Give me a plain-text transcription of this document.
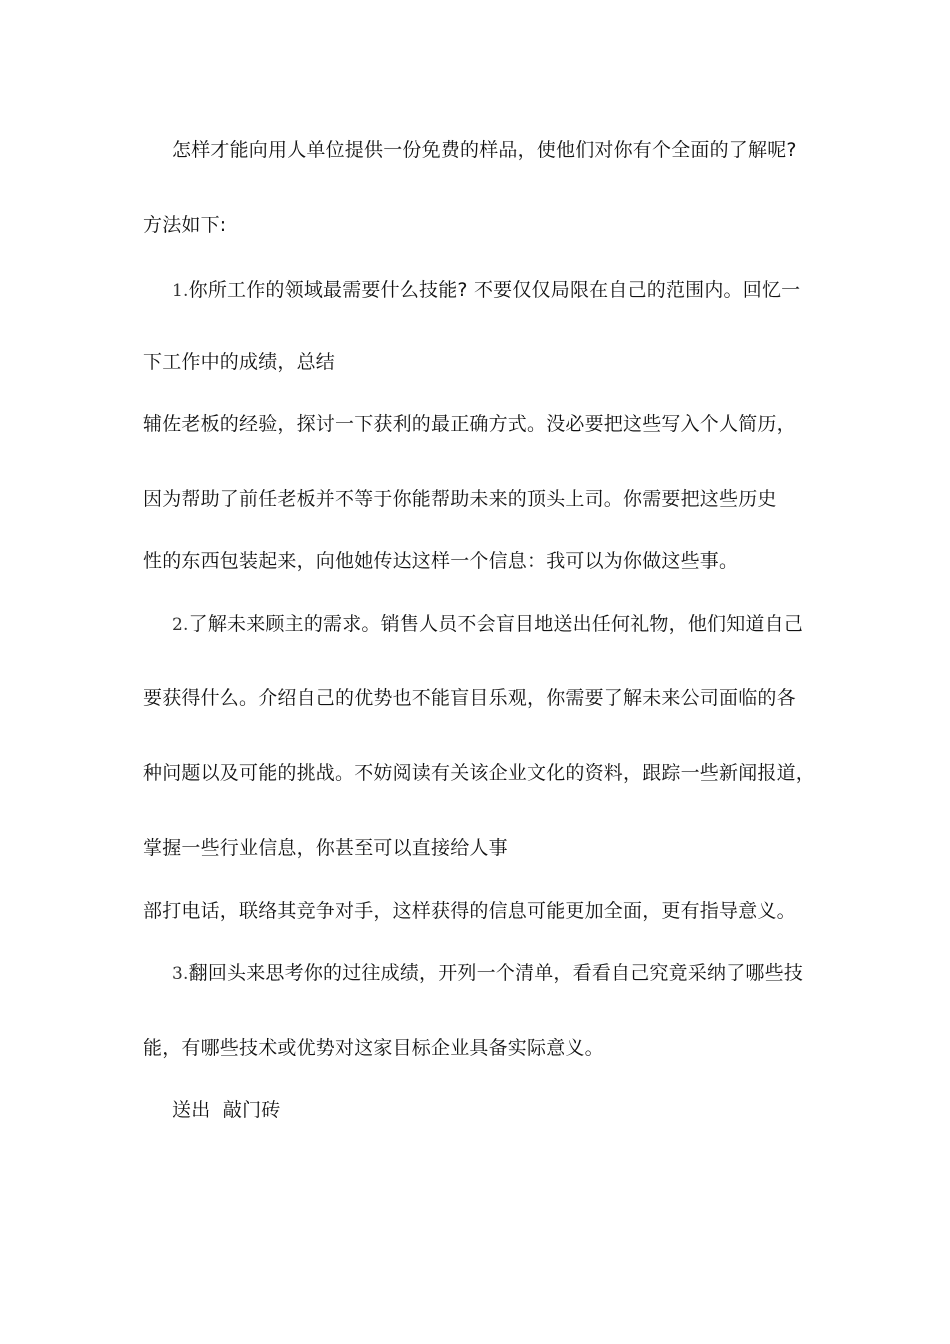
怎样才能向用人单位提供一份免费的样品，使他们对你有个全面的了解呢?
方法如下:
1.你所工作的领域最需要什么技能? 不要仅仅局限在自己的范围内。回忆一
下工作中的成绩，总结
辅佐老板的经验，探讨一下获利的最正确方式。没必要把这些写入个人简历，
因为帮助了前任老板并不等于你能帮助未来的顶头上司。你需要把这些历史
性的东西包装起来，向他她传达这样一个信息：我可以为你做这些事。
2.了解未来顾主的需求。销售人员不会盲目地送出任何礼物，他们知道自己
要获得什么。介绍自己的优势也不能盲目乐观，你需要了解未来公司面临的各
种问题以及可能的挑战。不妨阅读有关该企业文化的资料，跟踪一些新闻报道，
掌握一些行业信息，你甚至可以直接给人事
部打电话，联络其竞争对手，这样获得的信息可能更加全面，更有指导意义。
3.翻回头来思考你的过往成绩，开列一个清单，看看自己究竟采纳了哪些技
能，有哪些技术或优势对这家目标企业具备实际意义。
送出  敲门砖
